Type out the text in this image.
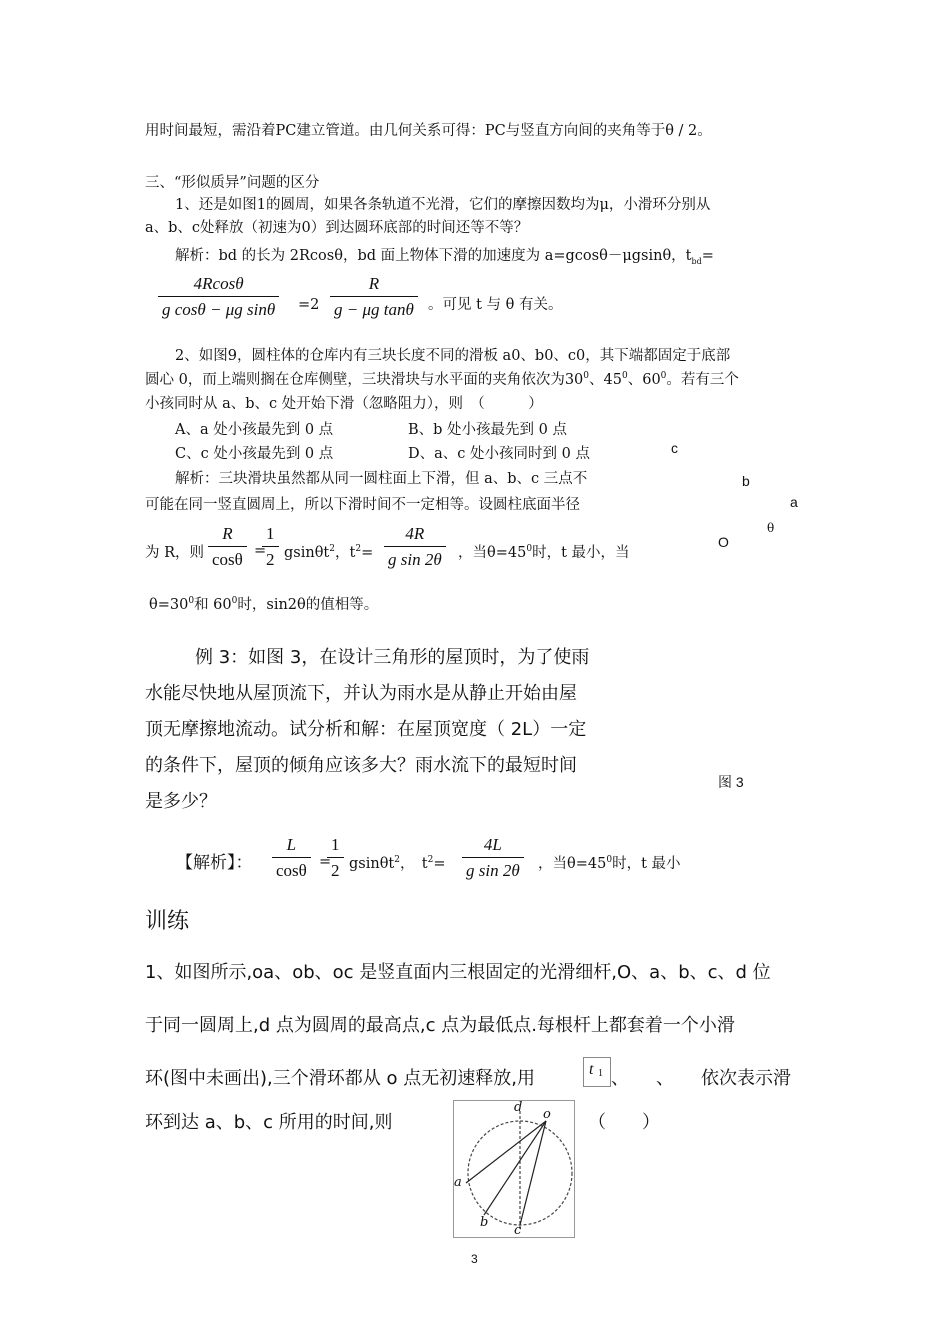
用时间最短，需沿着PC建立管道。由几何关系可得：PC与竖直方向间的夹角等于θ / 2。
三、“形似质异”问题的区分
1、还是如图1的圆周，如果各条轨道不光滑，它们的摩擦因数均为μ，小滑环分别从
a、b、c处释放（初速为0）到达圆环底部的时间还等不等？
解析：bd 的长为 2Rcosθ，bd 面上物体下滑的加速度为 a=gcosθ－μgsinθ，$t_{bd}=$
$\frac{4Rcos\theta}{\text{g cosθ − μg sinθ}} =2 \frac{R}{\text{g − μg tanθ}}$ 。可见 t 与 θ 有关。
2、如图9，圆柱体的仓库内有三块长度不同的滑板 a0、b0、c0，其下端都固定于底部
圆心 0，而上端则搁在仓库侧壁，三块滑块与水平面的夹角依次为$30^0$、$45^0$、$60^0$。若有三个
小孩同时从 a、b、c 处开始下滑（忽略阻力），则　（　　　）
A、a 处小孩最先到 0 点	B、b 处小孩最先到 0 点
C、c 处小孩最先到 0 点	D、a、c 处小孩同时到 0 点
解析：三块滑块虽然都从同一圆柱面上下滑，但 a、b、c 三点不
可能在同一竖直圆周上，所以下滑时间不一定相等。设圆柱底面半径
为 R，则 $\frac{R}{\cos\theta}$ =
$\frac{1}{2} gsin\theta t^2$，$t^2= \frac{4R}{\text{g sin 2θ}}$ ，当$\theta=45^0$时，t 最小，当
$\theta=30^0$和 $60^0$时，sin2θ的值相等。
c
b
a
θ
O
例 3：如图 3，在设计三角形的屋顶时，为了使雨
水能尽快地从屋顶流下，并认为雨水是从静止开始由屋
顶无摩擦地流动。试分析和解：在屋顶宽度（ 2L）一定
的条件下，屋顶的倾角应该多大？雨水流下的最短时间
是多少？
图 3
【解析】： $\frac{L}{\cos\theta}$ =
$\frac{1}{2} gsin\theta t^2$，　$t^2= \frac{4L}{\text{g sin 2θ}}$ ，当$\theta=45^0$时，t 最小
训练
1、如图所示,oa、ob、oc 是竖直面内三根固定的光滑细杆,O、a、b、c、d 位
于同一圆周上,d 点为圆周的最高点,c 点为最低点.每根杆上都套着一个小滑
环(图中未画出),三个滑环都从 o 点无初速释放,用	t 1 、　　、　　依次表示滑
环到达 a、b、c 所用的时间,则	（　　）
d o
a
b
c
3
